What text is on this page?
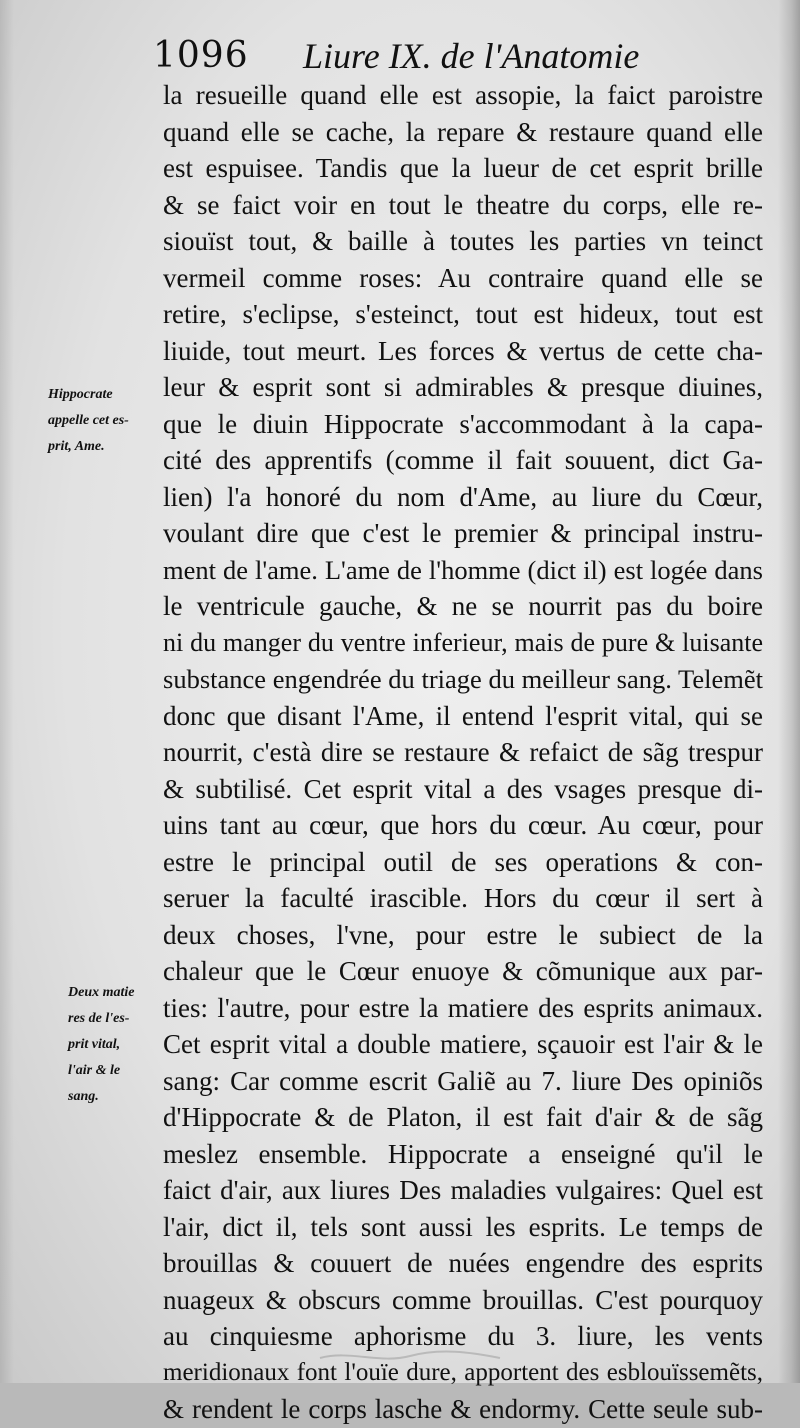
1096 Liure IX. de l'Anatomie
Hippocrate
appelle cet es-
prit, Ame.
Deux matie
res de l'es-
prit vital,
l'air & le
sang.
la resueille quand elle est assopie, la faict paroistre
quand elle se cache, la repare & restaure quand elle
est espuisee. Tandis que la lueur de cet esprit brille
& se faict voir en tout le theatre du corps, elle re-
siouïst tout, & baille à toutes les parties vn teinct
vermeil comme roses: Au contraire quand elle se
retire, s'eclipse, s'esteinct, tout est hideux, tout est
liuide, tout meurt. Les forces & vertus de cette cha-
leur & esprit sont si admirables & presque diuines,
que le diuin Hippocrate s'accommodant à la capa-
cité des apprentifs (comme il fait souuent, dict Ga-
lien) l'a honoré du nom d'Ame, au liure du Cœur,
voulant dire que c'est le premier & principal instru-
ment de l'ame. L'ame de l'homme (dict il) est logée dans
le ventricule gauche, & ne se nourrit pas du boire
ni du manger du ventre inferieur, mais de pure & luisante
substance engendrée du triage du meilleur sang. Telemẽt
donc que disant l'Ame, il entend l'esprit vital, qui se
nourrit, c'està dire se restaure & refaict de sãg trespur
& subtilisé. Cet esprit vital a des vsages presque di-
uins tant au cœur, que hors du cœur. Au cœur, pour
estre le principal outil de ses operations & con-
seruer la faculté irascible. Hors du cœur il sert à
deux choses, l'vne, pour estre le subiect de la
chaleur que le Cœur enuoye & cõmunique aux par-
ties: l'autre, pour estre la matiere des esprits animaux.
Cet esprit vital a double matiere, sçauoir est l'air & le
sang: Car comme escrit Galiẽ au 7. liure Des opiniõs
d'Hippocrate & de Platon, il est fait d'air & de sãg
meslez ensemble. Hippocrate a enseigné qu'il le
faict d'air, aux liures Des maladies vulgaires: Quel est
l'air, dict il, tels sont aussi les esprits. Le temps de
brouillas & couuert de nuées engendre des esprits
nuageux & obscurs comme brouillas. C'est pourquoy
au cinquiesme aphorisme du 3. liure, les vents
meridionaux font l'ouïe dure, apportent des esblouïssemẽts,
& rendent le corps lasche & endormy. Cette seule sub-
